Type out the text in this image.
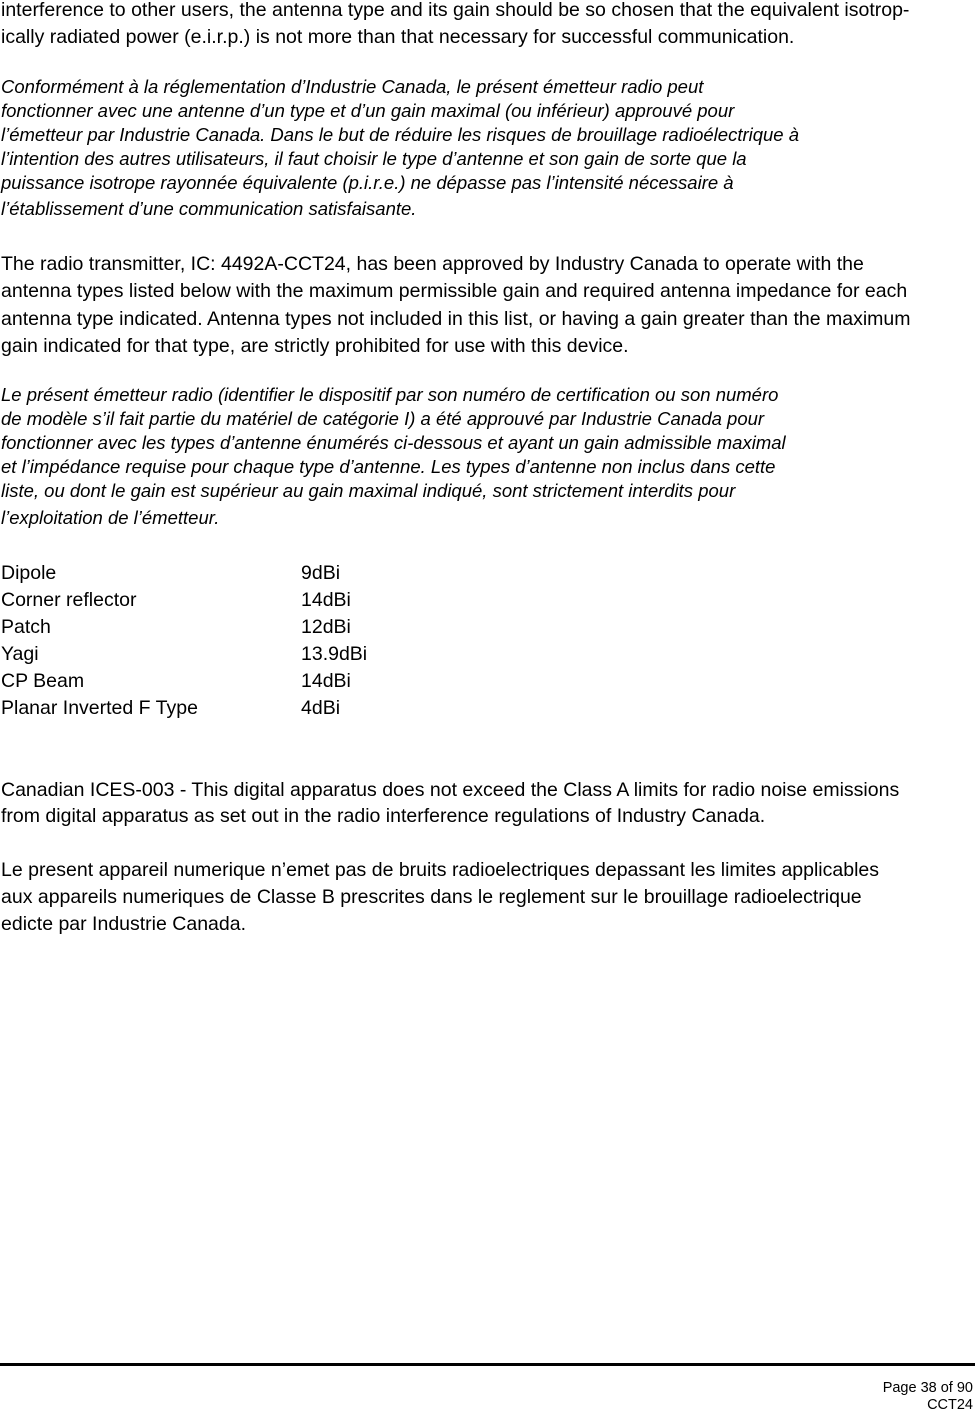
interference to other users, the antenna type and its gain should be so chosen that the equivalent isotrop-
ically radiated power (e.i.r.p.) is not more than that necessary for successful communication.
Conformément à la réglementation d’Industrie Canada, le présent émetteur radio peut
fonctionner avec une antenne d’un type et d’un gain maximal (ou inférieur) approuvé pour
l’émetteur par Industrie Canada. Dans le but de réduire les risques de brouillage radioélectrique à
l’intention des autres utilisateurs, il faut choisir le type d’antenne et son gain de sorte que la
puissance isotrope rayonnée équivalente (p.i.r.e.) ne dépasse pas l’intensité nécessaire à
l’établissement d’une communication satisfaisante.
The radio transmitter, IC: 4492A-CCT24, has been approved by Industry Canada to operate with the
antenna types listed below with the maximum permissible gain and required antenna impedance for each
antenna type indicated. Antenna types not included in this list, or having a gain greater than the maximum
gain indicated for that type, are strictly prohibited for use with this device.
Le présent émetteur radio (identifier le dispositif par son numéro de certification ou son numéro
de modèle s’il fait partie du matériel de catégorie I) a été approuvé par Industrie Canada pour
fonctionner avec les types d’antenne énumérés ci-dessous et ayant un gain admissible maximal
et l’impédance requise pour chaque type d’antenne. Les types d’antenne non inclus dans cette
liste, ou dont le gain est supérieur au gain maximal indiqué, sont strictement interdits pour
l’exploitation de l’émetteur.
Dipole	9dBi
Corner reflector	14dBi
Patch	12dBi
Yagi	13.9dBi
CP Beam	14dBi
Planar Inverted F Type	4dBi
Canadian ICES-003 - This digital apparatus does not exceed the Class A limits for radio noise emissions
from digital apparatus as set out in the radio interference regulations of Industry Canada.
Le present appareil numerique n’emet pas de bruits radioelectriques depassant les limites applicables
aux appareils numeriques de Classe B prescrites dans le reglement sur le brouillage radioelectrique
edicte par Industrie Canada.
Page 38 of 90
CCT24
